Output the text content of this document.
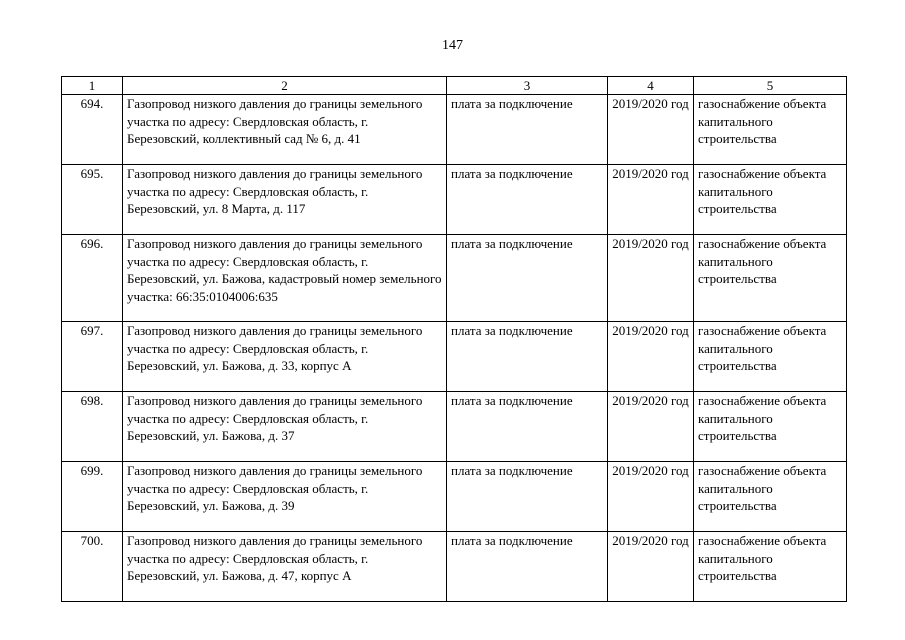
147
1	2	3	4	5
694.	Газопровод низкого давления до границы земельного участка по адресу: Свердловская область, г. Березовский, коллективный сад № 6, д. 41	плата за подключение	2019/2020 год	газоснабжение объекта капитального строительства
695.	Газопровод низкого давления до границы земельного участка по адресу: Свердловская область, г. Березовский, ул. 8 Марта, д. 117	плата за подключение	2019/2020 год	газоснабжение объекта капитального строительства
696.	Газопровод низкого давления до границы земельного участка по адресу: Свердловская область, г. Березовский, ул. Бажова, кадастровый номер земельного участка: 66:35:0104006:635	плата за подключение	2019/2020 год	газоснабжение объекта капитального строительства
697.	Газопровод низкого давления до границы земельного участка по адресу: Свердловская область, г. Березовский, ул. Бажова, д. 33, корпус А	плата за подключение	2019/2020 год	газоснабжение объекта капитального строительства
698.	Газопровод низкого давления до границы земельного участка по адресу: Свердловская область, г. Березовский, ул. Бажова, д. 37	плата за подключение	2019/2020 год	газоснабжение объекта капитального строительства
699.	Газопровод низкого давления до границы земельного участка по адресу: Свердловская область, г. Березовский, ул. Бажова, д. 39	плата за подключение	2019/2020 год	газоснабжение объекта капитального строительства
700.	Газопровод низкого давления до границы земельного участка по адресу: Свердловская область, г. Березовский, ул. Бажова, д. 47, корпус А	плата за подключение	2019/2020 год	газоснабжение объекта капитального строительства
